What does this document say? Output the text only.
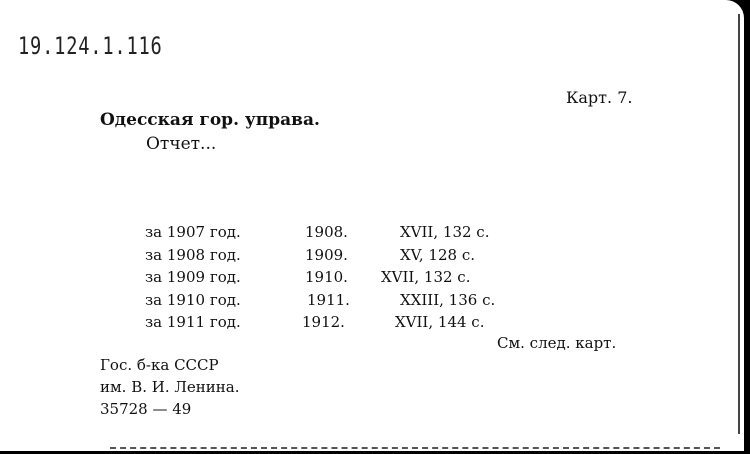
19.124.1.116
Карт. 7.
Одесская гор. управа.
Отчет...
за 1907 год.	1908.	XVII, 132 с.
за 1908 год.	1909.	XV, 128 с.
за 1909 год.	1910. XVII, 132 с.
за 1910 год.	1911.	XXIII, 136 с.
за 1911 год.	1912.	XVII, 144 с.
См. след. карт.
Гос. б-ка СССР
им. В. И. Ленина.
35728 — 49
